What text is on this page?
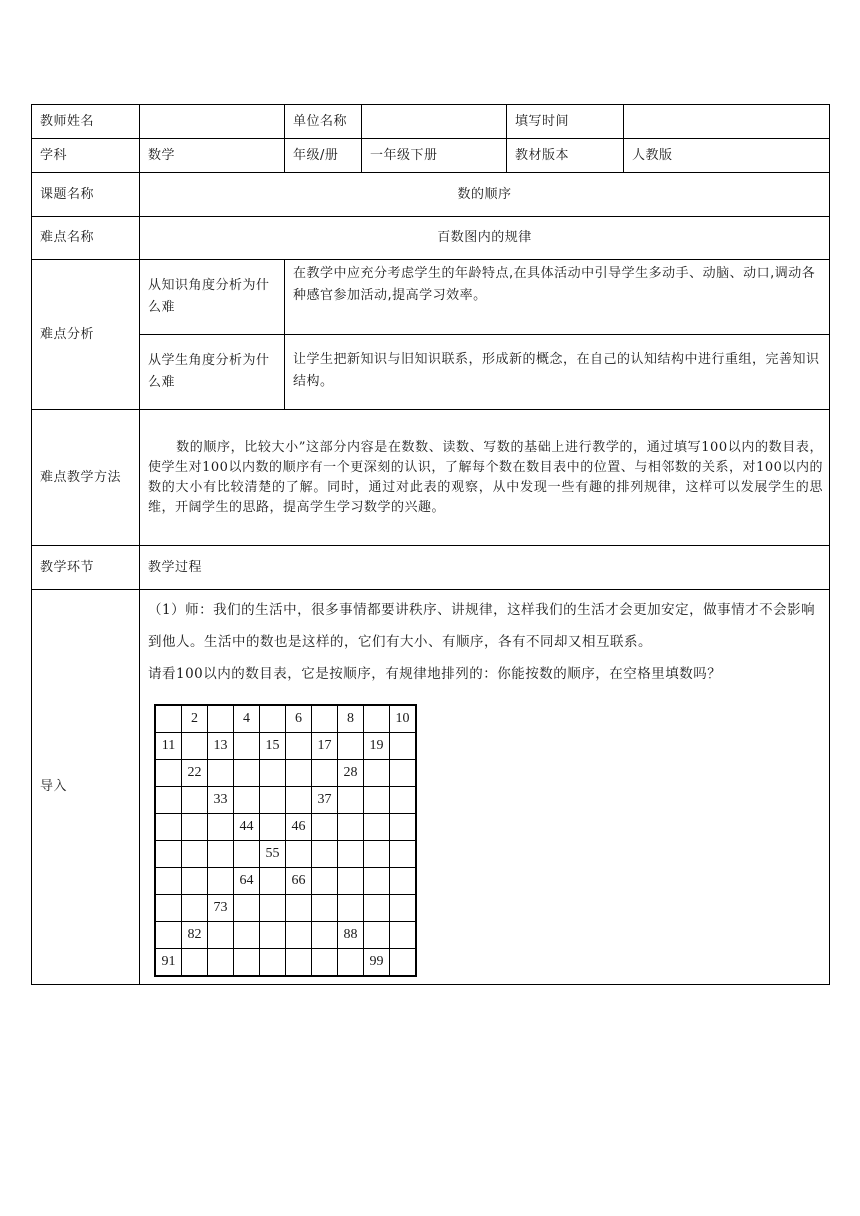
教师姓名		单位名称		填写时间	
学科	数学	年级/册	一年级下册	教材版本	人教版
课题名称	数的顺序
难点名称	百数图内的规律
难点分析	从知识角度分析为什么难	在教学中应充分考虑学生的年龄特点,在具体活动中引导学生多动手、动脑、动口,调动各种感官参加活动,提高学习效率。
从学生角度分析为什么难	让学生把新知识与旧知识联系，形成新的概念，在自己的认知结构中进行重组，完善知识结构。
难点教学方法	数的顺序，比较大小”这部分内容是在数数、读数、写数的基础上进行教学的，通过填写100以内的数目表，使学生对100以内数的顺序有一个更深刻的认识，了解每个数在数目表中的位置、与相邻数的关系，对100以内的数的大小有比较清楚的了解。同时，通过对此表的观察，从中发现一些有趣的排列规律，这样可以发展学生的思维，开阔学生的思路，提高学生学习数学的兴趣。
教学环节	教学过程
导入	

（1）师：我们的生活中，很多事情都要讲秩序、讲规律，这样我们的生活才会更加安定，做事情才不会影响到他人。生活中的数也是这样的，它们有大小、有顺序，各有不同却又相互联系。

请看100以内的数目表，它是按顺序，有规律地排列的：你能按数的顺序，在空格里填数吗？

	2		4		6		8		10
11		13		15		17		19	
	22						28		
		33				37			
			44		46				
				55					
			64		66				
		73							
	82						88		
91								99	
